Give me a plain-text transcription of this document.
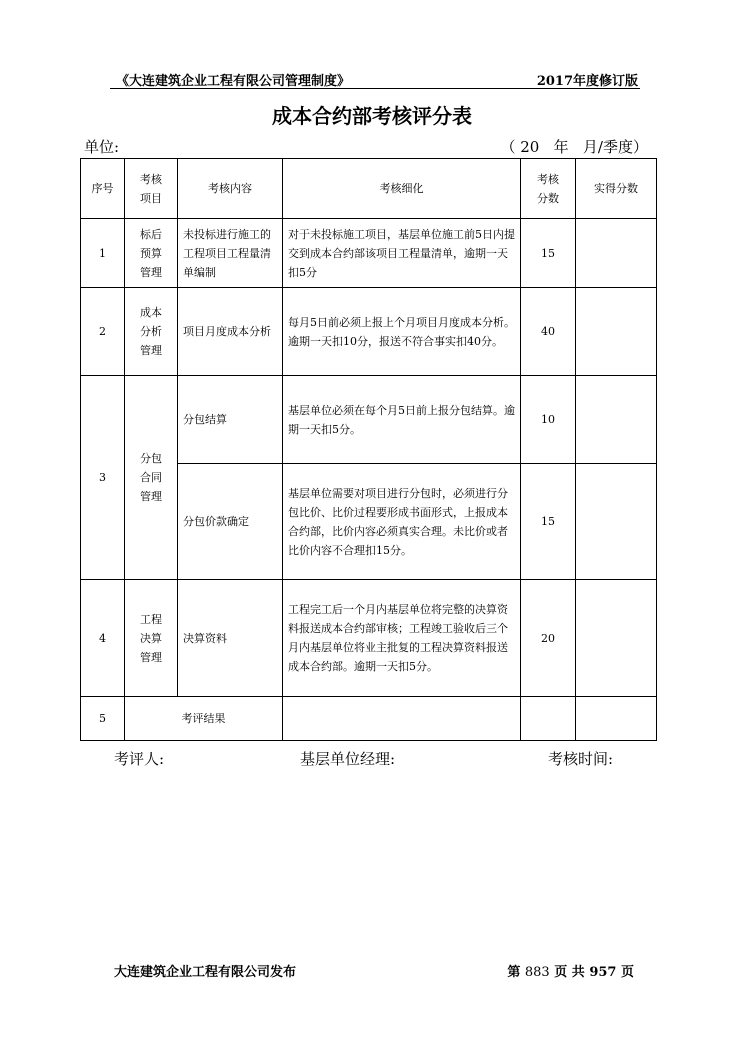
《大连建筑企业工程有限公司管理制度》	2017年度修订版
成本合约部考核评分表
单位:	（ 20   年   月/季度）
序号	考核项目	考核内容	考核细化	考核分数	实得分数
1	标后预算管理	未投标进行施工的工程项目工程量清单编制	对于未投标施工项目，基层单位施工前5日内提交到成本合约部该项目工程量清单，逾期一天扣5分	15	
2	成本分析管理	项目月度成本分析	每月5日前必须上报上个月项目月度成本分析。逾期一天扣10分，报送不符合事实扣40分。	40	
3	分包合同管理	分包结算	基层单位必须在每个月5日前上报分包结算。逾期一天扣5分。	10	
		分包价款确定	基层单位需要对项目进行分包时，必须进行分包比价、比价过程要形成书面形式，上报成本合约部，比价内容必须真实合理。未比价或者比价内容不合理扣15分。	15	
4	工程决算管理	决算资料	工程完工后一个月内基层单位将完整的决算资料报送成本合约部审核；工程竣工验收后三个月内基层单位将业主批复的工程决算资料报送成本合约部。逾期一天扣5分。	20	
5	考评结果				
考评人:	基层单位经理:	考核时间:
大连建筑企业工程有限公司发布	第 883 页 共 957 页
